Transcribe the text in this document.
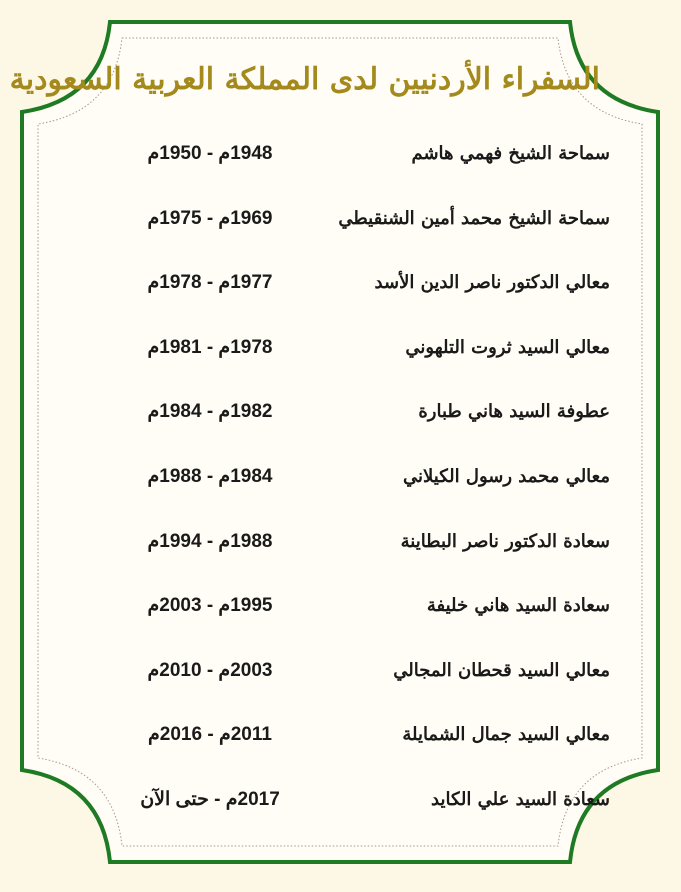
السفراء الأردنيين لدى المملكة العربية السعودية
سماحة الشيخ فهمي هاشم
1948م - 1950م
سماحة الشيخ محمد أمين الشنقيطي
1969م - 1975م
معالي الدكتور ناصر الدين الأسد
1977م - 1978م
معالي السيد ثروت التلهوني
1978م - 1981م
عطوفة السيد هاني طبارة
1982م - 1984م
معالي محمد رسول الكيلاني
1984م - 1988م
سعادة الدكتور ناصر البطاينة
1988م - 1994م
سعادة السيد هاني خليفة
1995م - 2003م
معالي السيد قحطان المجالي
2003م - 2010م
معالي السيد جمال الشمايلة
2011م - 2016م
سعادة السيد علي الكايد
2017م - حتى الآن
